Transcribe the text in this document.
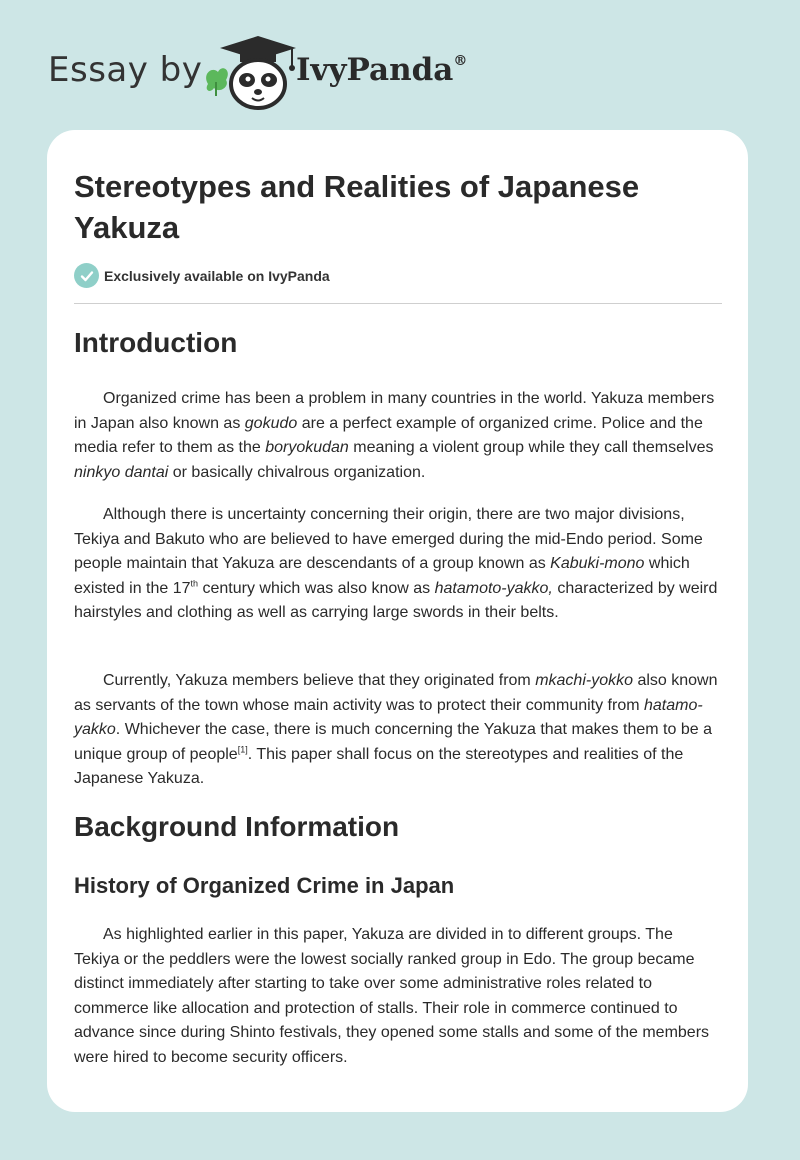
Essay by	IvyPanda®
Stereotypes and Realities of Japanese Yakuza
Exclusively available on IvyPanda
Introduction

Organized crime has been a problem in many countries in the world. Yakuza members in Japan also known as gokudo are a perfect example of organized crime. Police and the media refer to them as the boryokudan meaning a violent group while they call themselves ninkyo dantai or basically chivalrous organization.

Although there is uncertainty concerning their origin, there are two major divisions, Tekiya and Bakuto who are believed to have emerged during the mid-Endo period. Some people maintain that Yakuza are descendants of a group known as Kabuki-mono which existed in the 17th century which was also know as hatamoto-yakko, characterized by weird hairstyles and clothing as well as carrying large swords in their belts.

Currently, Yakuza members believe that they originated from mkachi-yokko also known as servants of the town whose main activity was to protect their community from hatamo-yakko. Whichever the case, there is much concerning the Yakuza that makes them to be a unique group of people[1]. This paper shall focus on the stereotypes and realities of the Japanese Yakuza.

Background Information
History of Organized Crime in Japan

As highlighted earlier in this paper, Yakuza are divided in to different groups. The Tekiya or the peddlers were the lowest socially ranked group in Edo. The group became distinct immediately after starting to take over some administrative roles related to commerce like allocation and protection of stalls. Their role in commerce continued to advance since during Shinto festivals, they opened some stalls and some of the members were hired to become security officers.
